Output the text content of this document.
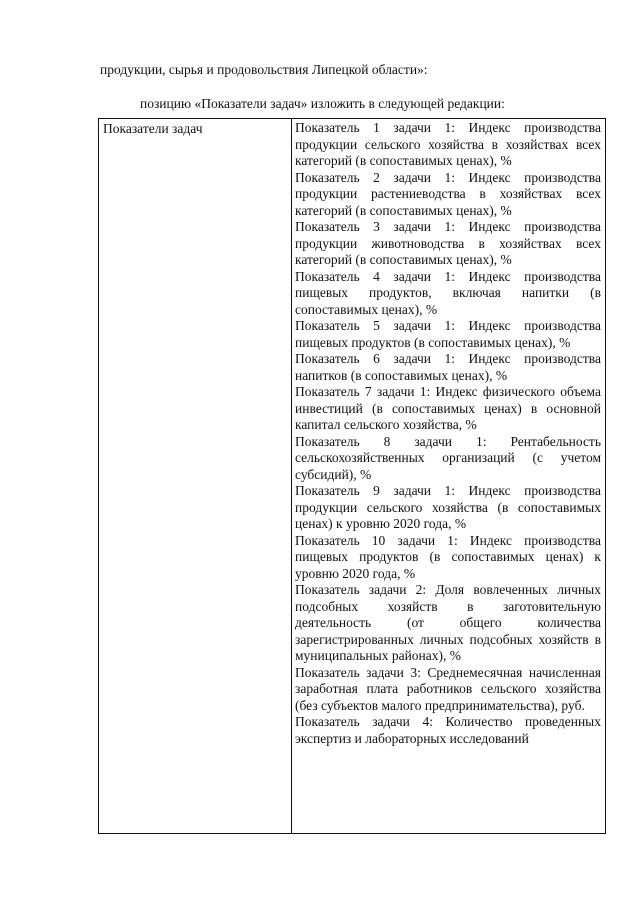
продукции, сырья и продовольствия Липецкой области»:
позицию «Показатели задач» изложить в следующей редакции:
Показатели задач	Показатель 1 задачи 1: Индекс производства продукции сельского хозяйства в хозяйствах всех категорий (в сопоставимых ценах), %

Показатель 2 задачи 1: Индекс производства продукции растениеводства в хозяйствах всех категорий (в сопоставимых ценах), %

Показатель 3 задачи 1: Индекс производства продукции животноводства в хозяйствах всех категорий (в сопоставимых ценах), %

Показатель 4 задачи 1: Индекс производства пищевых продуктов, включая напитки (в сопоставимых ценах), %

Показатель 5 задачи 1: Индекс производства пищевых продуктов (в сопоставимых ценах), %

Показатель 6 задачи 1: Индекс производства напитков (в сопоставимых ценах), %

Показатель 7 задачи 1: Индекс физического объема инвестиций (в сопоставимых ценах) в основной капитал сельского хозяйства, %

Показатель 8 задачи 1: Рентабельность сельскохозяйственных организаций (с учетом субсидий), %

Показатель 9 задачи 1: Индекс производства продукции сельского хозяйства (в сопоставимых ценах) к уровню 2020 года, %

Показатель 10 задачи 1: Индекс производства пищевых продуктов (в сопоставимых ценах) к уровню 2020 года, %

Показатель задачи 2: Доля вовлеченных личных подсобных хозяйств в заготовительную деятельность (от общего количества зарегистрированных личных подсобных хозяйств в муниципальных районах), %

Показатель задачи 3: Среднемесячная начисленная заработная плата работников сельского хозяйства (без субъектов малого предпринимательства), руб.

Показатель задачи 4: Количество проведенных экспертиз и лабораторных исследований
